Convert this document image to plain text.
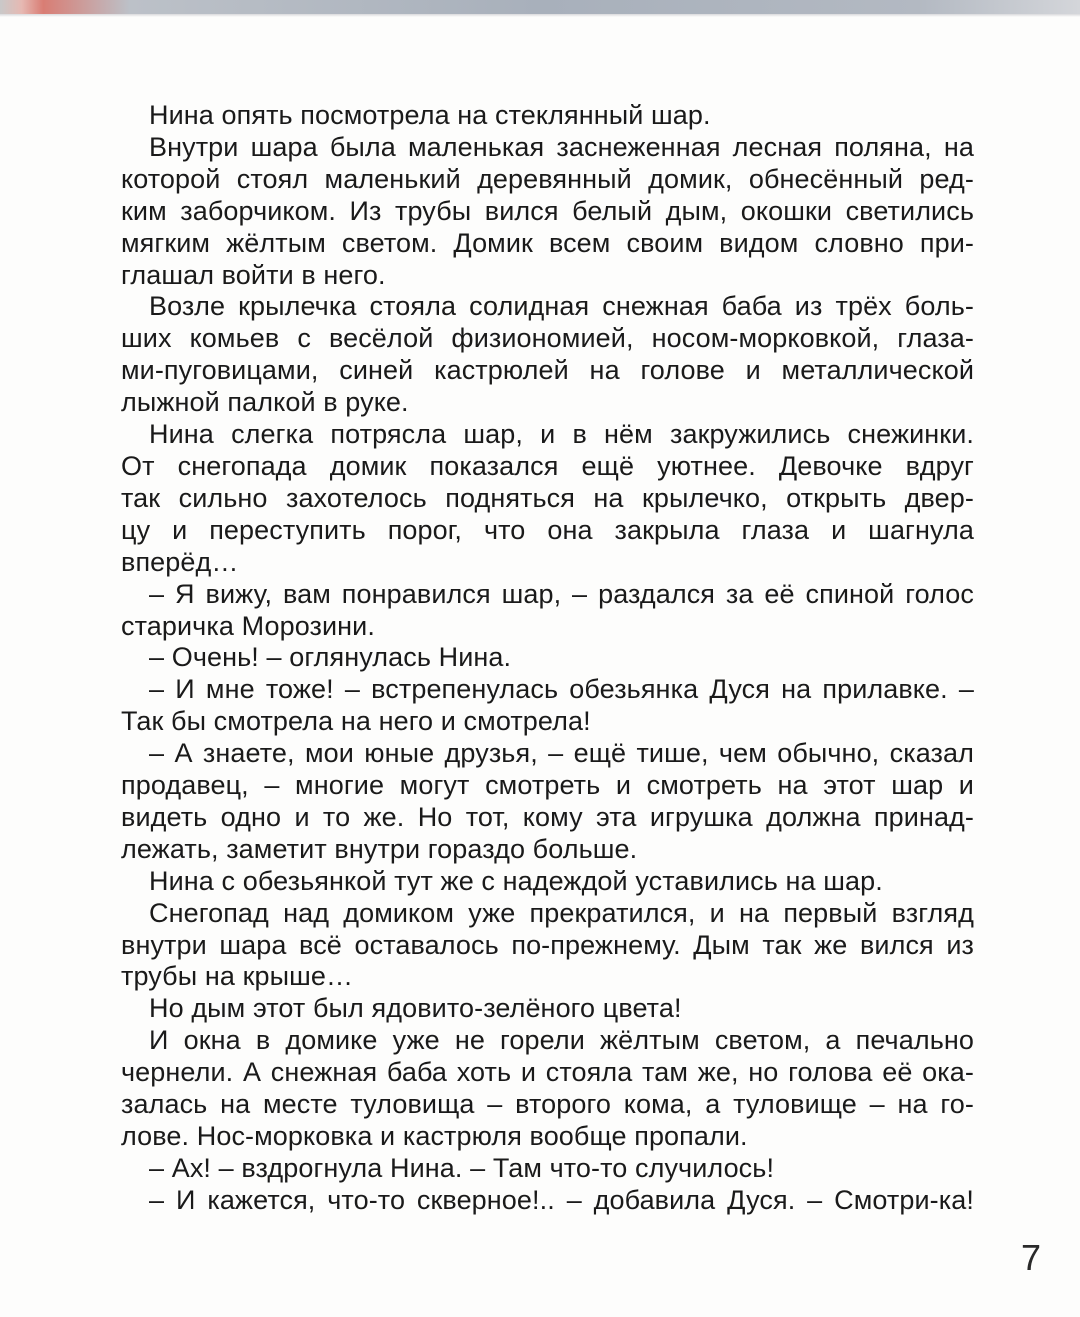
Нина опять посмотрела на стеклянный шар.
Внутри шара была маленькая заснеженная лесная поляна, на
которой стоял маленький деревянный домик, обнесённый ред-
ким заборчиком. Из трубы вился белый дым, окошки светились
мягким жёлтым светом. Домик всем своим видом словно при-
глашал войти в него.
Возле крылечка стояла солидная снежная баба из трёх боль-
ших комьев с весёлой физиономией, носом-морковкой, глаза-
ми-пуговицами, синей кастрюлей на голове и металлической
лыжной палкой в руке.
Нина слегка потрясла шар, и в нём закружились снежинки.
От снегопада домик показался ещё уютнее. Девочке вдруг
так сильно захотелось подняться на крылечко, открыть двер-
цу и переступить порог, что она закрыла глаза и шагнула
вперёд…
– Я вижу, вам понравился шар, – раздался за её спиной голос
старичка Морозини.
– Очень! – оглянулась Нина.
– И мне тоже! – встрепенулась обезьянка Дуся на прилавке. –
Так бы смотрела на него и смотрела!
– А знаете, мои юные друзья, – ещё тише, чем обычно, сказал
продавец, – многие могут смотреть и смотреть на этот шар и
видеть одно и то же. Но тот, кому эта игрушка должна принад-
лежать, заметит внутри гораздо больше.
Нина с обезьянкой тут же с надеждой уставились на шар.
Снегопад над домиком уже прекратился, и на первый взгляд
внутри шара всё оставалось по-прежнему. Дым так же вился из
трубы на крыше…
Но дым этот был ядовито-зелёного цвета!
И окна в домике уже не горели жёлтым светом, а печально
чернели. А снежная баба хоть и стояла там же, но голова её ока-
залась на месте туловища – второго кома, а туловище – на го-
лове. Нос-морковка и кастрюля вообще пропали.
– Ах! – вздрогнула Нина. – Там что-то случилось!
– И кажется, что-то скверное!.. – добавила Дуся. – Смотри-ка!
7
